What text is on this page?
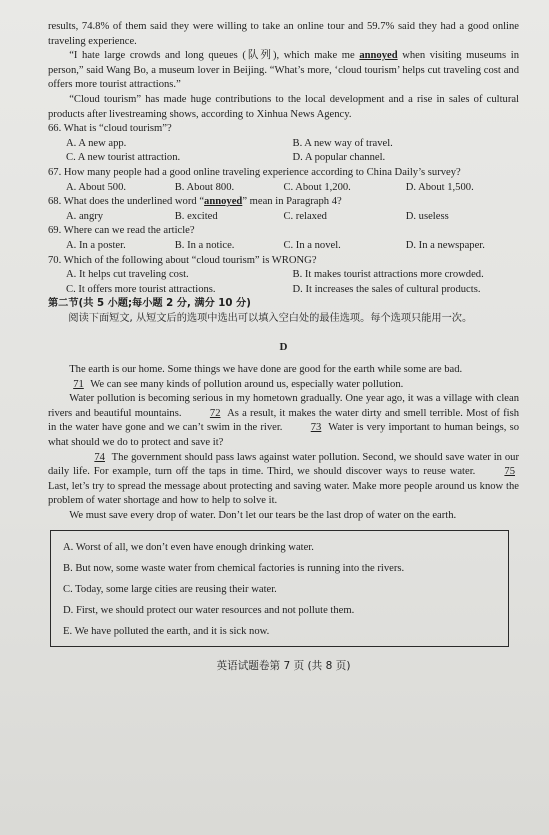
results, 74.8% of them said they were willing to take an online tour and 59.7% said they had a good online traveling experience.

“I hate large crowds and long queues (队列), which make me annoyed when visiting museums in person,” said Wang Bo, a museum lover in Beijing. “What’s more, ‘cloud tourism’ helps cut traveling cost and offers more tourist attractions.”

“Cloud tourism” has made huge contributions to the local development and a rise in sales of cultural products after livestreaming shows, according to Xinhua News Agency.

66. What is “cloud tourism”?

A. A new app.	B. A new way of travel.
C. A new tourist attraction.	D. A popular channel.

67. How many people had a good online traveling experience according to China Daily’s survey?

A. About 500.	B. About 800.	C. About 1,200.	D. About 1,500.

68. What does the underlined word “annoyed” mean in Paragraph 4?

A. angry	B. excited	C. relaxed	D. useless

69. Where can we read the article?

A. In a poster.	B. In a notice.	C. In a novel.	D. In a newspaper.

70. Which of the following about “cloud tourism” is WRONG?

A. It helps cut traveling cost.	B. It makes tourist attractions more crowded.
C. It offers more tourist attractions.	D. It increases the sales of cultural products.

第二节(共 5 小题;每小题 2 分, 满分 10 分)

阅读下面短文, 从短文后的选项中选出可以填入空白处的最佳选项。每个选项只能用一次。

D

The earth is our home. Some things we have done are good for the earth while some are bad.
71 We can see many kinds of pollution around us, especially water pollution.

Water pollution is becoming serious in my hometown gradually. One year ago, it was a village with clean rivers and beautiful mountains. 72 As a result, it makes the water dirty and smell terrible. Most of fish in the water have gone and we can’t swim in the river. 73 Water is very important to human beings, so what should we do to protect and save it?

74 The government should pass laws against water pollution. Second, we should save water in our daily life. For example, turn off the taps in time. Third, we should discover ways to reuse water. 75 Last, let’s try to spread the message about protecting and saving water. Make more people around us know the problem of water shortage and how to help to solve it.

We must save every drop of water. Don’t let our tears be the last drop of water on the earth.

A. Worst of all, we don’t even have enough drinking water.
B. But now, some waste water from chemical factories is running into the rivers.
C. Today, some large cities are reusing their water.
D. First, we should protect our water resources and not pollute them.
E. We have polluted the earth, and it is sick now.

英语试题卷第 7 页 (共 8 页)
